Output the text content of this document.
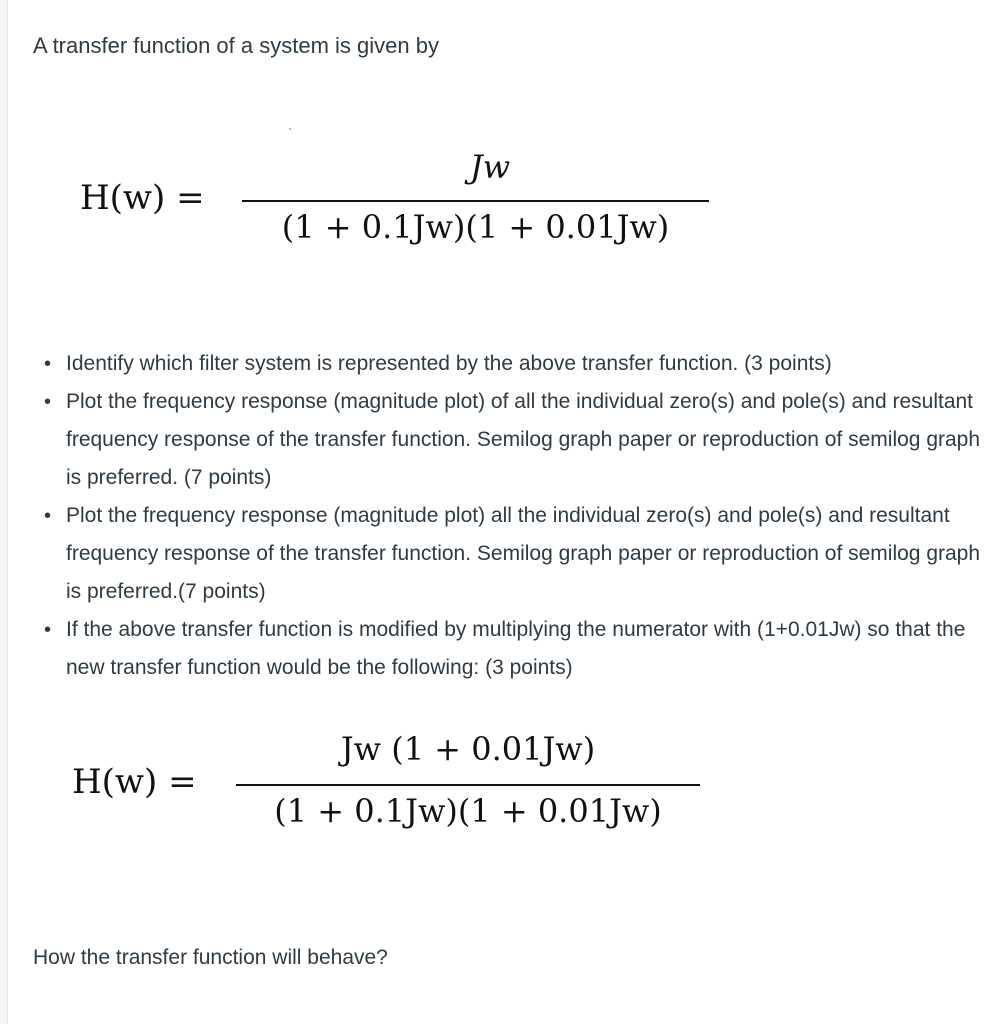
A transfer function of a system is given by

H(w) =
Jw
(1 + 0.1Jw)(1 + 0.01Jw)
• Identify which filter system is represented by the above transfer function. (3 points)
• Plot the frequency response (magnitude plot) of all the individual zero(s) and pole(s) and resultant frequency response of the transfer function. Semilog graph paper or reproduction of semilog graph is preferred. (7 points)
• Plot the frequency response (magnitude plot) all the individual zero(s) and pole(s) and resultant frequency response of the transfer function. Semilog graph paper or reproduction of semilog graph is preferred.(7 points)
• If the above transfer function is modified by multiplying the numerator with (1+0.01Jw) so that the new transfer function would be the following: (3 points)
H(w) =
Jw (1 + 0.01Jw)
(1 + 0.1Jw)(1 + 0.01Jw)

How the transfer function will behave?
